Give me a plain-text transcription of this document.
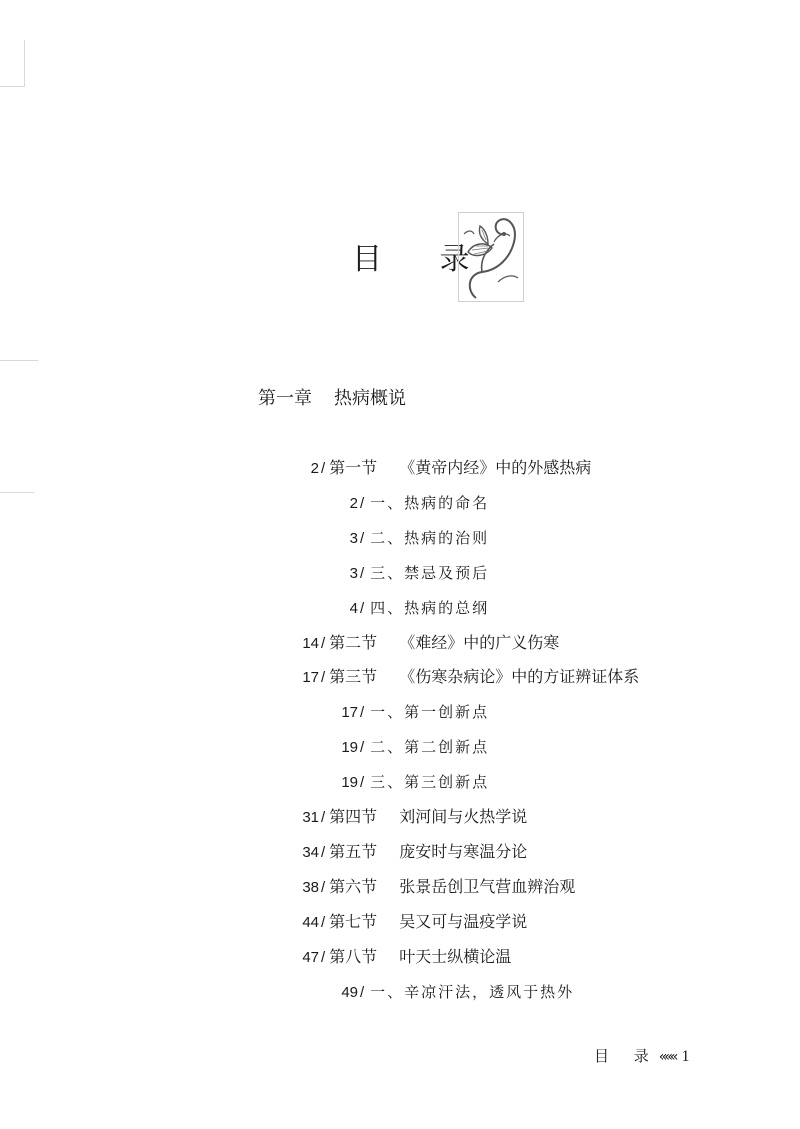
目 录
第一章 热病概说
2 / 第一节 《黄帝内经》中的外感热病
2 / 一、热病的命名
3 / 二、热病的治则
3 / 三、禁忌及预后
4 / 四、热病的总纲
14 / 第二节 《难经》中的广义伤寒
17 / 第三节 《伤寒杂病论》中的方证辨证体系
17 / 一、第一创新点
19 / 二、第二创新点
19 / 三、第三创新点
31 / 第四节 刘河间与火热学说
34 / 第五节 庞安时与寒温分论
38 / 第六节 张景岳创卫气营血辨治观
44 / 第七节 吴又可与温疫学说
47 / 第八节 叶天士纵横论温
49 / 一、辛凉汗法，透风于热外
目 录««« 1
